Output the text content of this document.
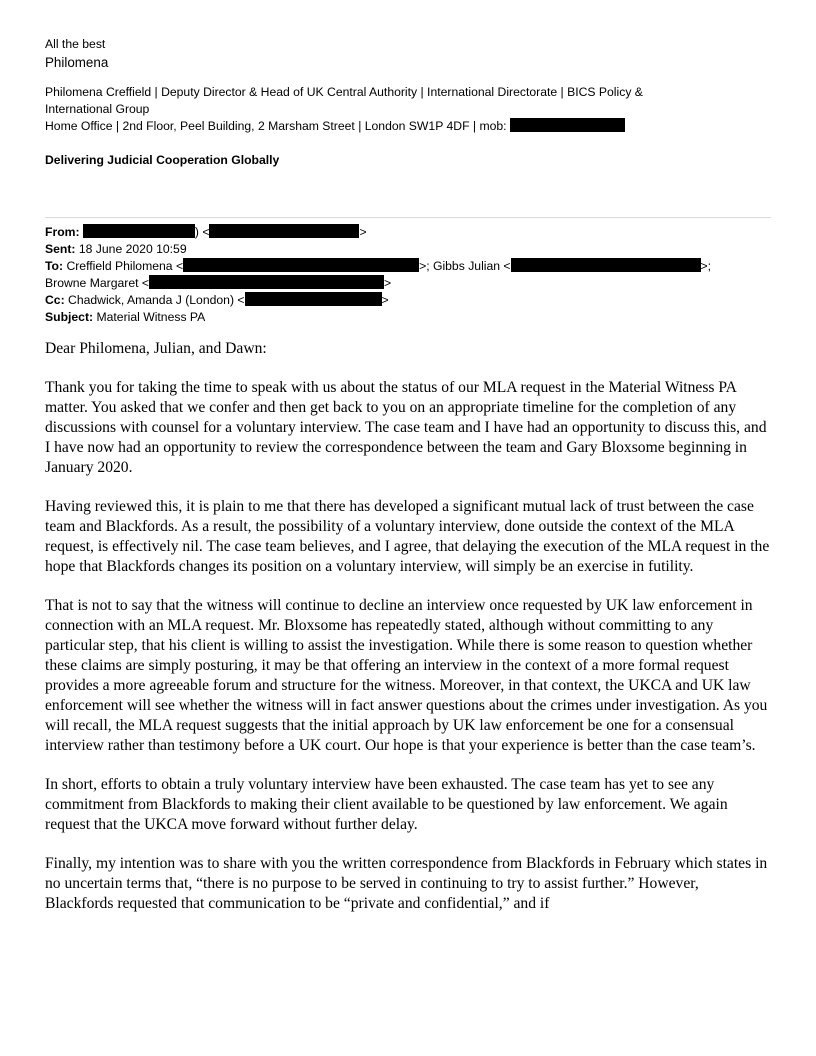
All the best
Philomena
Philomena Creffield | Deputy Director & Head of UK Central Authority | International Directorate | BICS Policy &
International Group
Home Office | 2nd Floor, Peel Building, 2 Marsham Street | London SW1P 4DF | mob:
Delivering Judicial Cooperation Globally
From:	) <	>
Sent: 18 June 2020 10:59
To: Creffield Philomena <	>; Gibbs Julian <	>;
Browne Margaret <	>
Cc: Chadwick, Amanda J (London) <	>
Subject: Material Witness PA
Dear Philomena, Julian, and Dawn:

Thank you for taking the time to speak with us about the status of our MLA request in the Material Witness PA matter. You asked that we confer and then get back to you on an appropriate timeline for the completion of any discussions with counsel for a voluntary interview. The case team and I have had an opportunity to discuss this, and I have now had an opportunity to review the correspondence between the team and Gary Bloxsome beginning in January 2020.

Having reviewed this, it is plain to me that there has developed a significant mutual lack of trust between the case team and Blackfords. As a result, the possibility of a voluntary interview, done outside the context of the MLA request, is effectively nil. The case team believes, and I agree, that delaying the execution of the MLA request in the hope that Blackfords changes its position on a voluntary interview, will simply be an exercise in futility.

That is not to say that the witness will continue to decline an interview once requested by UK law enforcement in connection with an MLA request. Mr. Bloxsome has repeatedly stated, although without committing to any particular step, that his client is willing to assist the investigation. While there is some reason to question whether these claims are simply posturing, it may be that offering an interview in the context of a more formal request provides a more agreeable forum and structure for the witness. Moreover, in that context, the UKCA and UK law enforcement will see whether the witness will in fact answer questions about the crimes under investigation. As you will recall, the MLA request suggests that the initial approach by UK law enforcement be one for a consensual interview rather than testimony before a UK court. Our hope is that your experience is better than the case team’s.

In short, efforts to obtain a truly voluntary interview have been exhausted. The case team has yet to see any commitment from Blackfords to making their client available to be questioned by law enforcement. We again request that the UKCA move forward without further delay.

Finally, my intention was to share with you the written correspondence from Blackfords in February which states in no uncertain terms that, “there is no purpose to be served in continuing to try to assist further.” However, Blackfords requested that communication to be “private and confidential,” and if
